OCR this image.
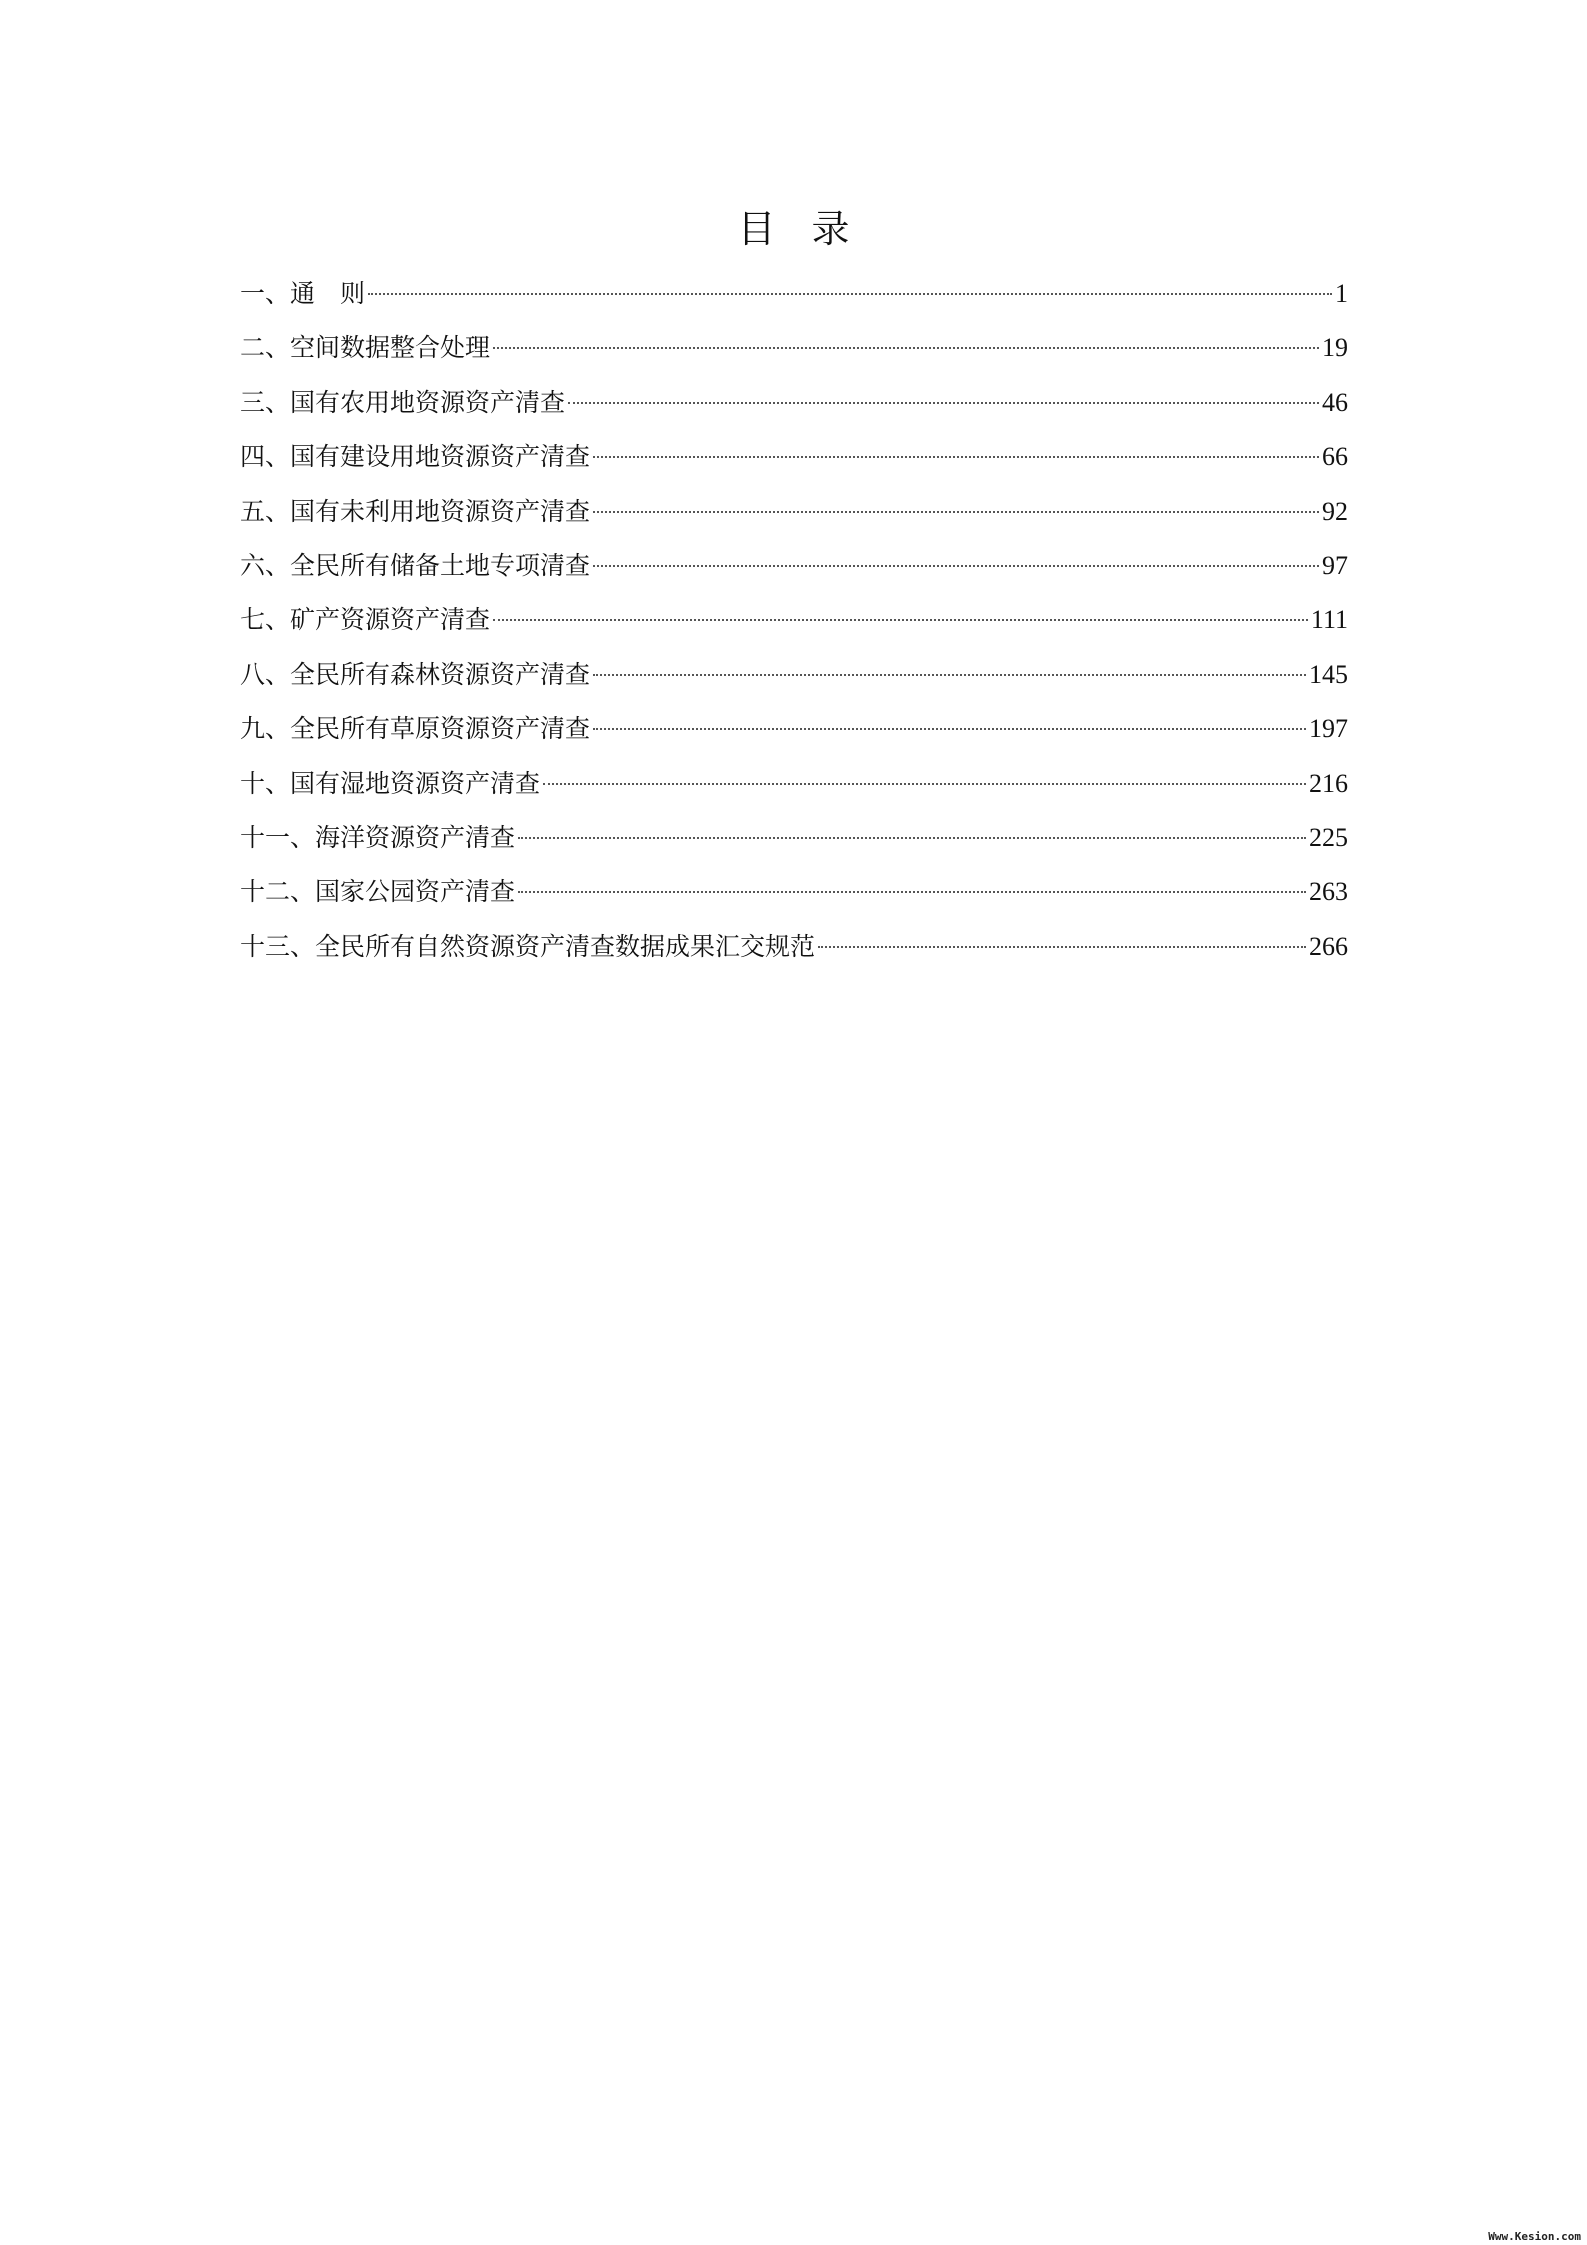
目 录
一、通　则	1
二、空间数据整合处理	19
三、国有农用地资源资产清查	46
四、国有建设用地资源资产清查	66
五、国有未利用地资源资产清查	92
六、全民所有储备土地专项清查	97
七、矿产资源资产清查	111
八、全民所有森林资源资产清查	145
九、全民所有草原资源资产清查	197
十、国有湿地资源资产清查	216
十一、海洋资源资产清查	225
十二、国家公园资产清查	263
十三、全民所有自然资源资产清查数据成果汇交规范	266
Www.Kesion.com
